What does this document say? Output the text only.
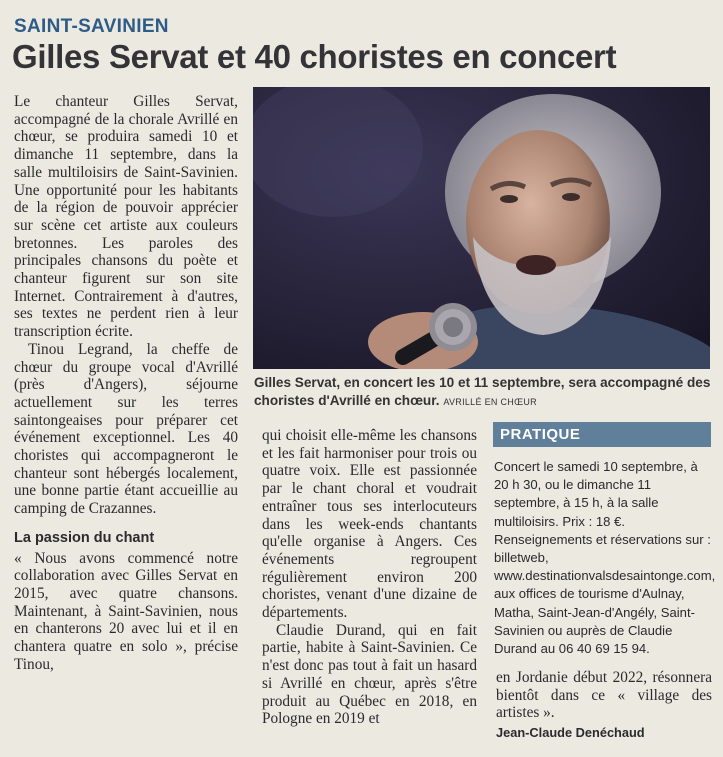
SAINT-SAVINIEN
Gilles Servat et 40 choristes en concert

Le chanteur Gilles Servat, accompagné de la chorale Avrillé en chœur, se produira samedi 10 et dimanche 11 septembre, dans la salle multiloisirs de Saint-Savinien. Une opportunité pour les habitants de la région de pouvoir apprécier sur scène cet artiste aux couleurs bretonnes. Les paroles des principales chansons du poète et chanteur figurent sur son site Internet. Contrairement à d'autres, ses textes ne perdent rien à leur transcription écrite.

Tinou Legrand, la cheffe de chœur du groupe vocal d'Avrillé (près d'Angers), séjourne actuellement sur les terres saintongeaises pour préparer cet événement exceptionnel. Les 40 choristes qui accompagneront le chanteur sont hébergés localement, une bonne partie étant accueillie au camping de Crazannes.

La passion du chant

« Nous avons commencé notre collaboration avec Gilles Servat en 2015, avec quatre chansons. Maintenant, à Saint-Savinien, nous en chanterons 20 avec lui et il en chantera quatre en solo », précise Tinou,

Gilles Servat, en concert les 10 et 11 septembre, sera accompagné des choristes d'Avrillé en chœur. AVRILLÉ EN CHŒUR

qui choisit elle-même les chansons et les fait harmoniser pour trois ou quatre voix. Elle est passionnée par le chant choral et voudrait entraîner tous ses interlocuteurs dans les week-ends chantants qu'elle organise à Angers. Ces événements regroupent régulièrement environ 200 choristes, venant d'une dizaine de départements.

Claudie Durand, qui en fait partie, habite à Saint-Savinien. Ce n'est donc pas tout à fait un hasard si Avrillé en chœur, après s'être produit au Québec en 2018, en Pologne en 2019 et

PRATIQUE
Concert le samedi 10 septembre, à 20 h 30, ou le dimanche 11 septembre, à 15 h, à la salle multiloisirs. Prix : 18 €. Renseignements et réservations sur : billetweb, www.destinationvalsdesaintonge.com, aux offices de tourisme d'Aulnay, Matha, Saint-Jean-d'Angély, Saint-Savinien ou auprès de Claudie Durand au 06 40 69 15 94.

en Jordanie début 2022, résonnera bientôt dans ce « village des artistes ».

Jean-Claude Denéchaud
